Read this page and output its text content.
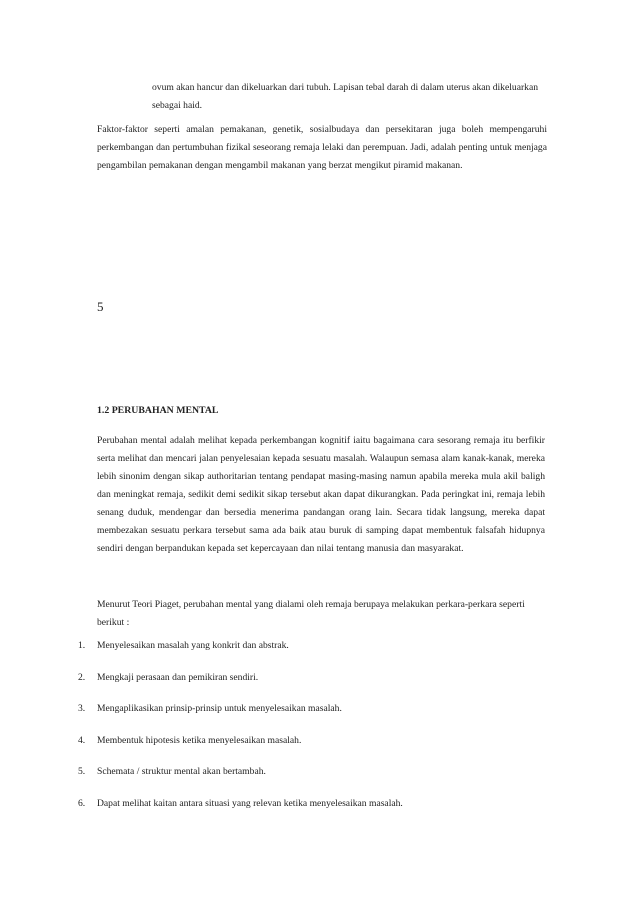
ovum akan hancur dan dikeluarkan dari tubuh. Lapisan tebal darah di dalam uterus akan dikeluarkan sebagai haid.

Faktor-faktor seperti amalan pemakanan, genetik, sosialbudaya dan persekitaran juga boleh mempengaruhi perkembangan dan pertumbuhan fizikal seseorang remaja lelaki dan perempuan. Jadi, adalah penting untuk menjaga pengambilan pemakanan dengan mengambil makanan yang berzat mengikut piramid makanan.

5

1.2 PERUBAHAN MENTAL

Perubahan mental adalah melihat kepada perkembangan kognitif iaitu bagaimana cara sesorang remaja itu berfikir serta melihat dan mencari jalan penyelesaian kepada sesuatu masalah. Walaupun semasa alam kanak-kanak, mereka lebih sinonim dengan sikap authoritarian tentang pendapat masing-masing namun apabila mereka mula akil baligh dan meningkat remaja, sedikit demi sedikit sikap tersebut akan dapat dikurangkan. Pada peringkat ini, remaja lebih senang duduk, mendengar dan bersedia menerima pandangan orang lain. Secara tidak langsung, mereka dapat membezakan sesuatu perkara tersebut sama ada baik atau buruk di samping dapat membentuk falsafah hidupnya sendiri dengan berpandukan kepada set kepercayaan dan nilai tentang manusia dan masyarakat.

Menurut Teori Piaget, perubahan mental yang dialami oleh remaja berupaya melakukan perkara-perkara seperti berikut :

1. Menyelesaikan masalah yang konkrit dan abstrak.
2. Mengkaji perasaan dan pemikiran sendiri.
3. Mengaplikasikan prinsip-prinsip untuk menyelesaikan masalah.
4. Membentuk hipotesis ketika menyelesaikan masalah.
5. Schemata / struktur mental akan bertambah.
6. Dapat melihat kaitan antara situasi yang relevan ketika menyelesaikan masalah.
